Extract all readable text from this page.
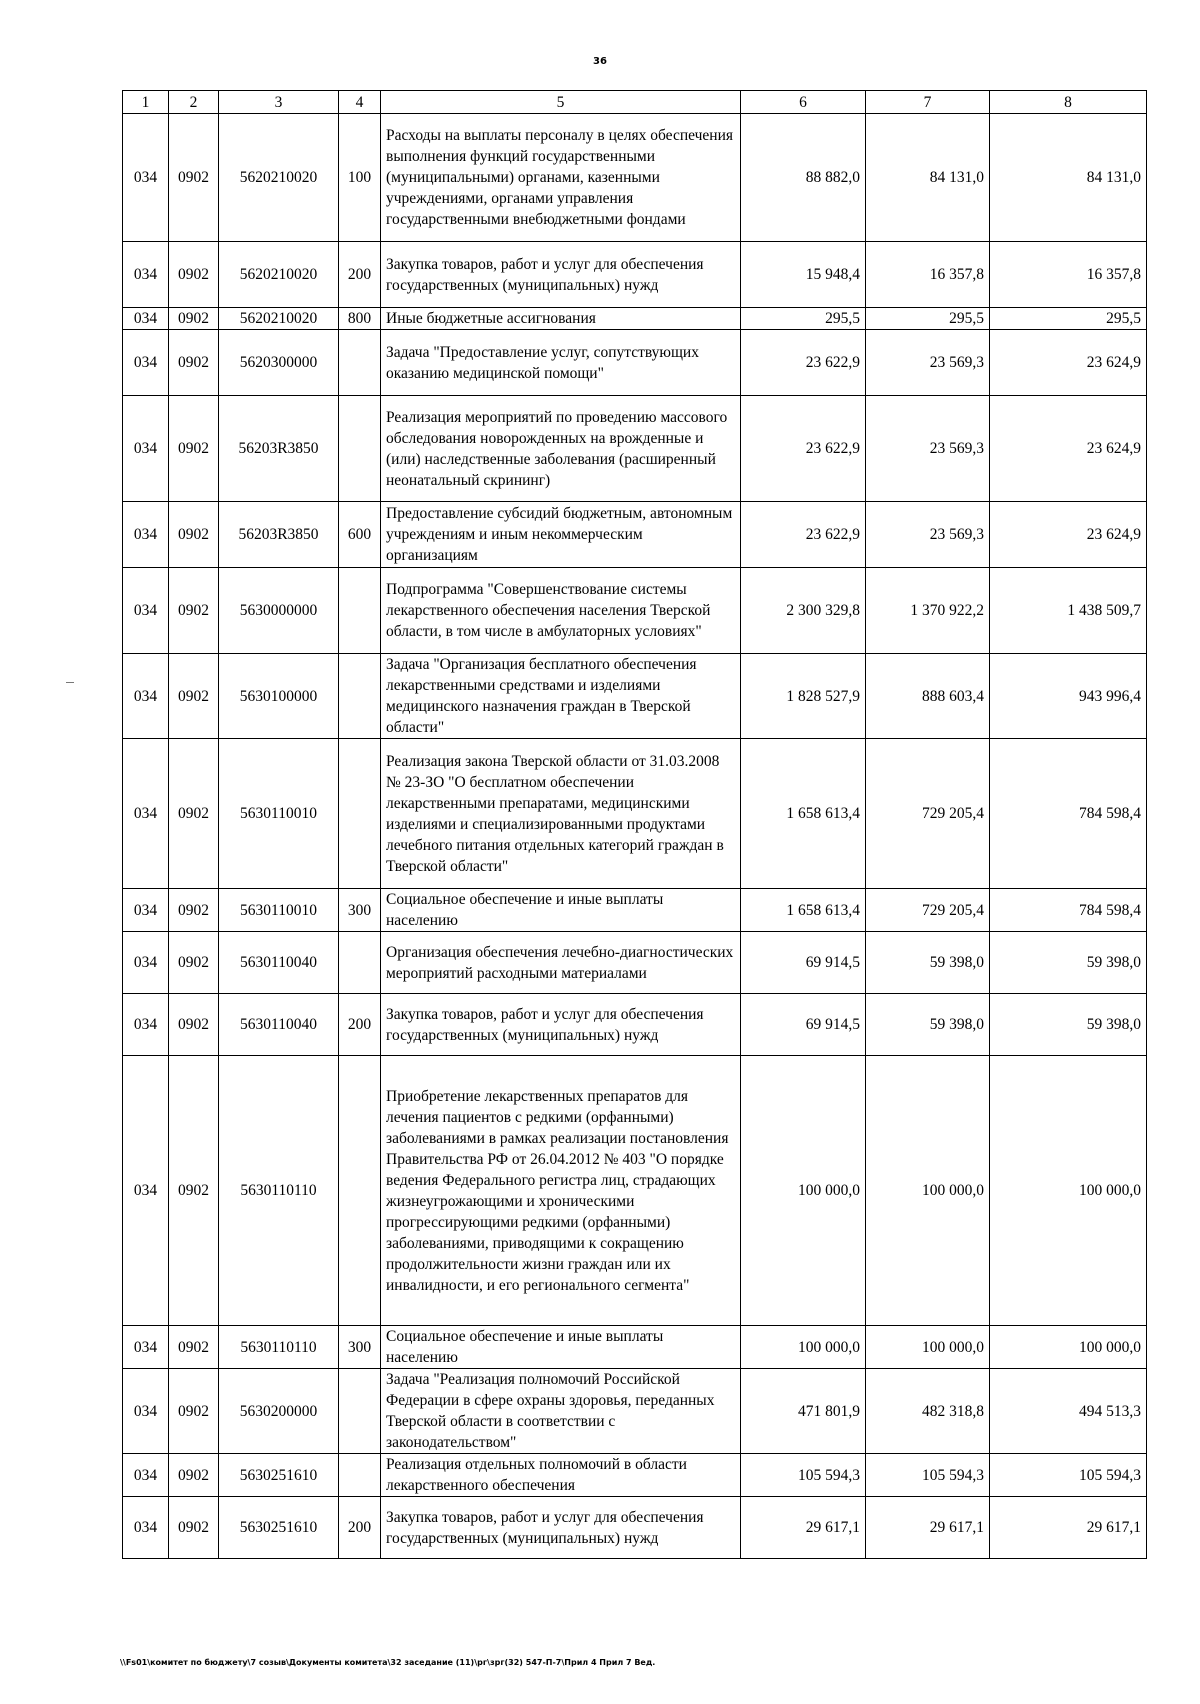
36
1	2	3	4	5	6	7	8
034	0902	5620210020	100	Расходы на выплаты персоналу в целях обеспечения выполнения функций государственными (муниципальными) органами, казенными учреждениями, органами управления государственными внебюджетными фондами	88 882,0	84 131,0	84 131,0
034	0902	5620210020	200	Закупка товаров, работ и услуг для обеспечения государственных (муниципальных) нужд	15 948,4	16 357,8	16 357,8
034	0902	5620210020	800	Иные бюджетные ассигнования	295,5	295,5	295,5
034	0902	5620300000		Задача "Предоставление услуг, сопутствующих оказанию медицинской помощи"	23 622,9	23 569,3	23 624,9
034	0902	56203R3850		Реализация мероприятий по проведению массового обследования новорожденных на врожденные и (или) наследственные заболевания (расширенный неонатальный скрининг)	23 622,9	23 569,3	23 624,9
034	0902	56203R3850	600	Предоставление субсидий бюджетным, автономным учреждениям и иным некоммерческим организациям	23 622,9	23 569,3	23 624,9
034	0902	5630000000		Подпрограмма "Совершенствование системы лекарственного обеспечения населения Тверской области, в том числе в амбулаторных условиях"	2 300 329,8	1 370 922,2	1 438 509,7
034	0902	5630100000		Задача "Организация бесплатного обеспечения лекарственными средствами и изделиями медицинского назначения граждан в Тверской области"	1 828 527,9	888 603,4	943 996,4
034	0902	5630110010		Реализация закона Тверской области от 31.03.2008 № 23-ЗО "О бесплатном обеспечении лекарственными препаратами, медицинскими изделиями и специализированными продуктами лечебного питания отдельных категорий граждан в Тверской области"	1 658 613,4	729 205,4	784 598,4
034	0902	5630110010	300	Социальное обеспечение и иные выплаты населению	1 658 613,4	729 205,4	784 598,4
034	0902	5630110040		Организация обеспечения лечебно-диагностических мероприятий расходными материалами	69 914,5	59 398,0	59 398,0
034	0902	5630110040	200	Закупка товаров, работ и услуг для обеспечения государственных (муниципальных) нужд	69 914,5	59 398,0	59 398,0
034	0902	5630110110		Приобретение лекарственных препаратов для лечения пациентов с редкими (орфанными) заболеваниями в рамках реализации постановления Правительства РФ от 26.04.2012 № 403 "О порядке ведения Федерального регистра лиц, страдающих жизнеугрожающими и хроническими прогрессирующими редкими (орфанными) заболеваниями, приводящими к сокращению продолжительности жизни граждан или их инвалидности, и его регионального сегмента"	100 000,0	100 000,0	100 000,0
034	0902	5630110110	300	Социальное обеспечение и иные выплаты населению	100 000,0	100 000,0	100 000,0
034	0902	5630200000		Задача "Реализация полномочий Российской Федерации в сфере охраны здоровья, переданных Тверской области в соответствии с законодательством"	471 801,9	482 318,8	494 513,3
034	0902	5630251610		Реализация отдельных полномочий в области лекарственного обеспечения	105 594,3	105 594,3	105 594,3
034	0902	5630251610	200	Закупка товаров, работ и услуг для обеспечения государственных (муниципальных) нужд	29 617,1	29 617,1	29 617,1
\\Fs01\комитет по бюджету\7 созыв\Документы комитета\32 заседание (11)\рг\зрг(32) 547-П-7\Прил 4 Прил 7 Вед.
